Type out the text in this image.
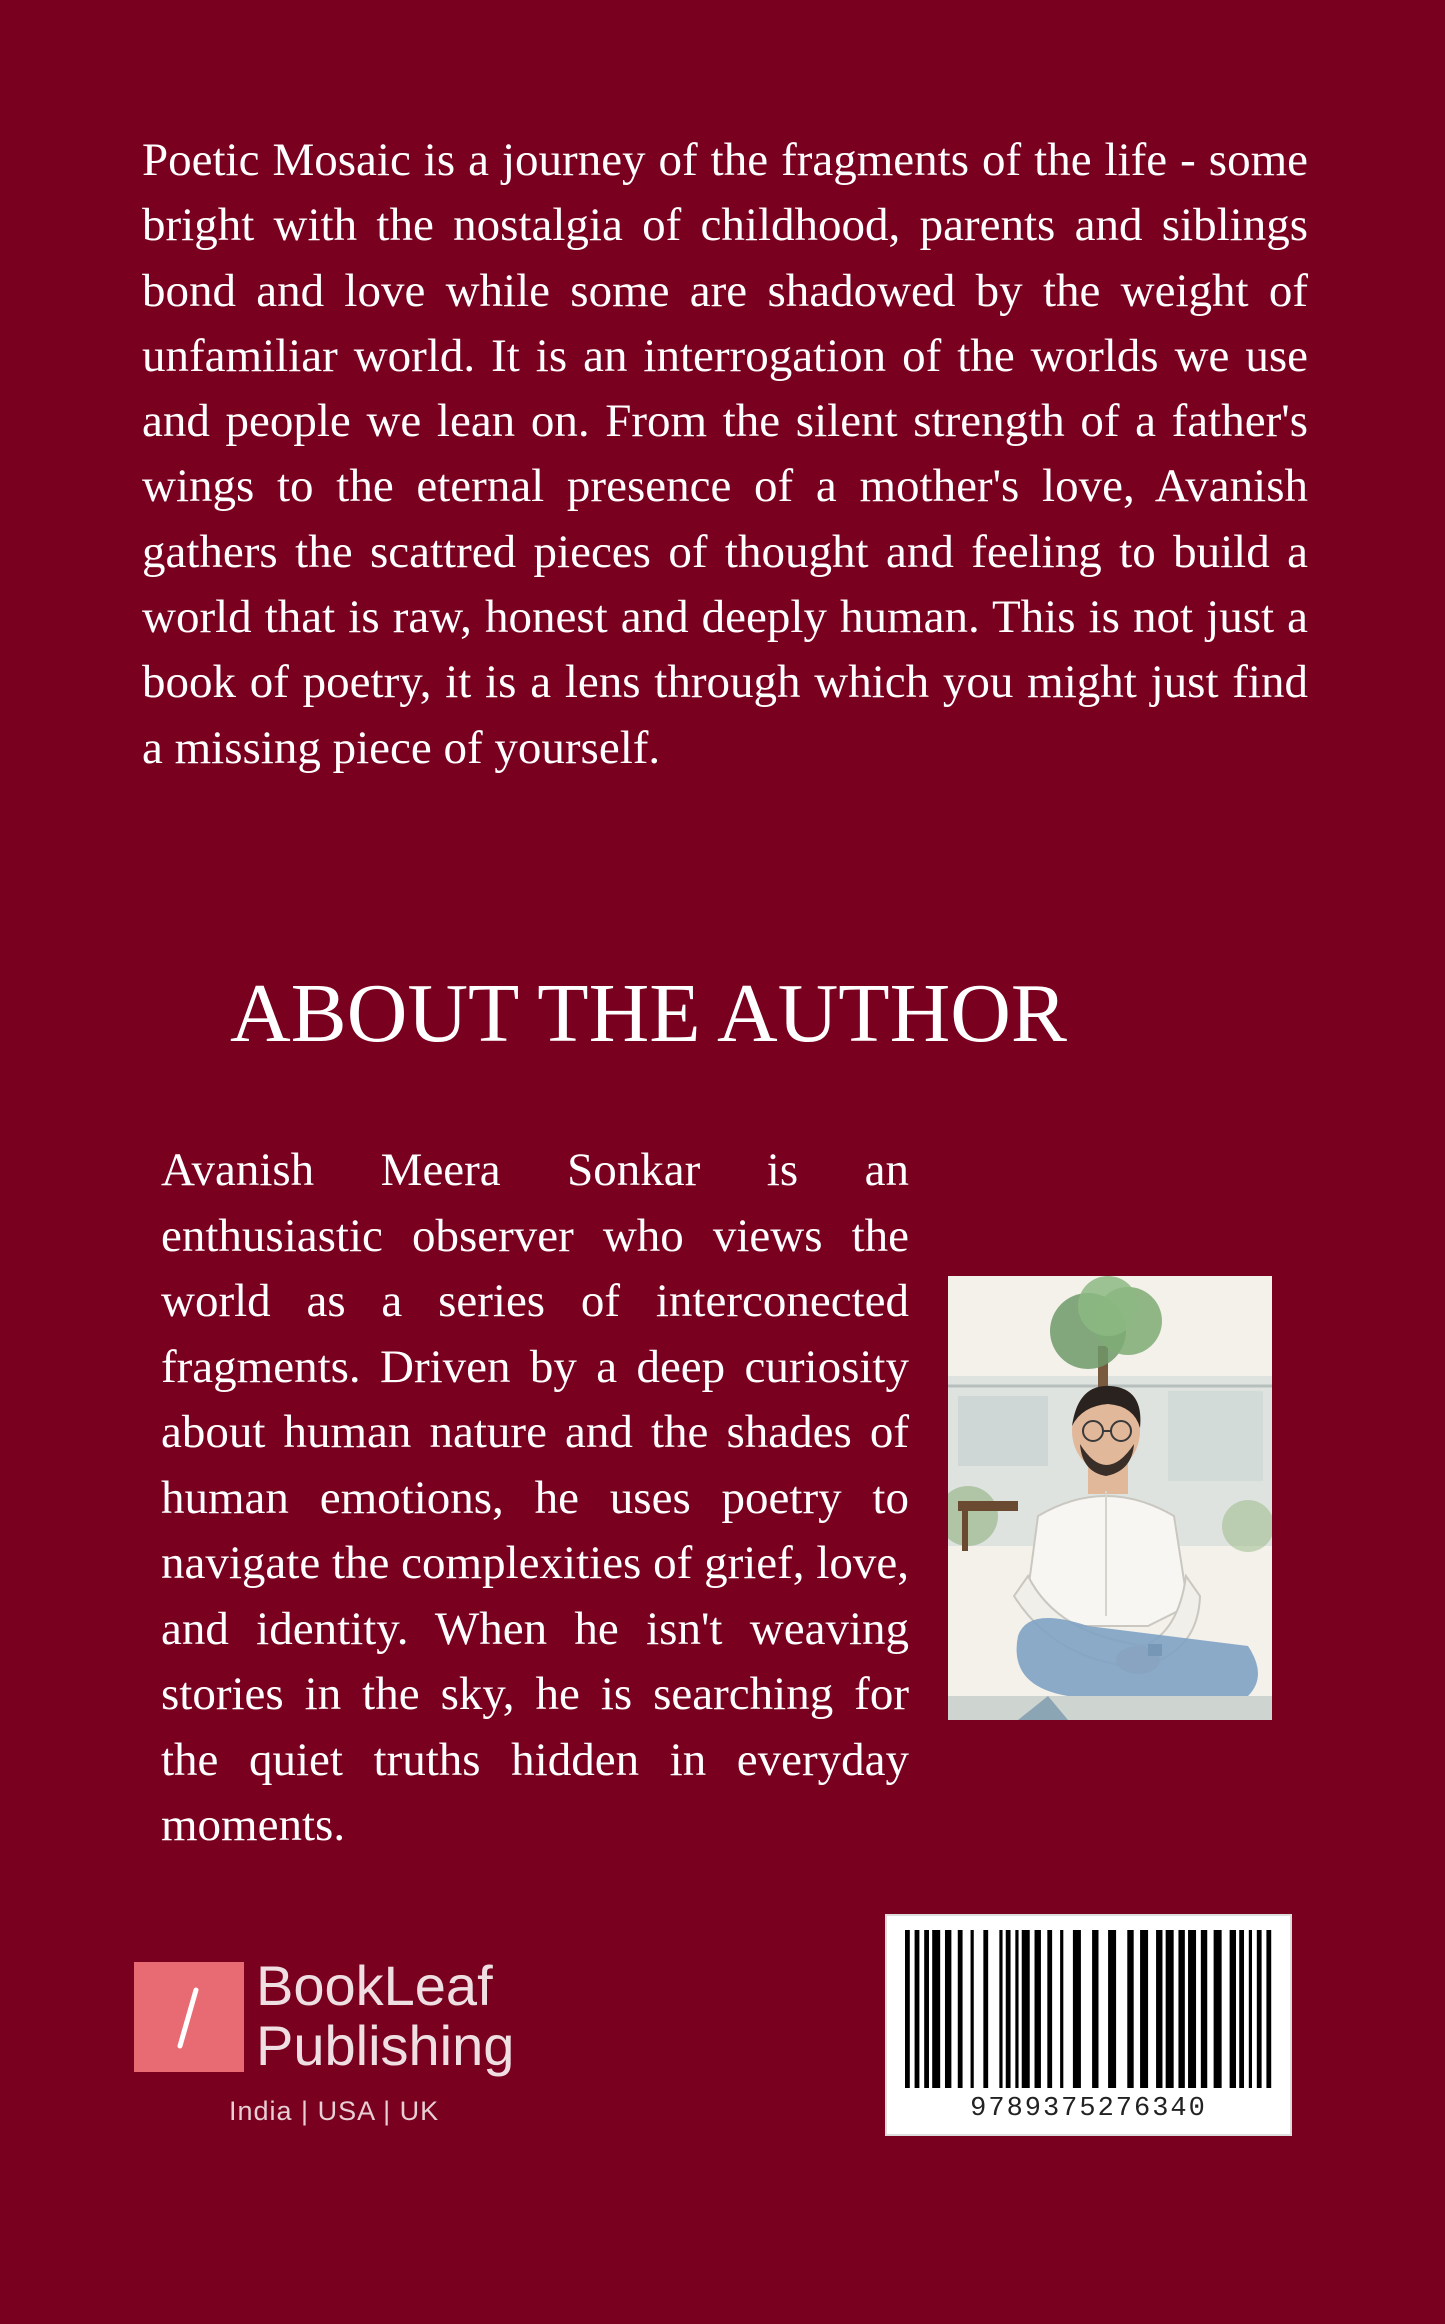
Poetic Mosaic is a journey of the fragments of the life - some bright with the nostalgia of childhood, parents and siblings bond and love while some are shadowed by the weight of unfamiliar world. It is an interrogation of the worlds we use and people we lean on. From the silent strength of a father's wings to the eternal presence of a mother's love, Avanish gathers the scattred pieces of thought and feeling to build a world that is raw, honest and deeply human. This is not just a book of poetry, it is a lens through which you might just find a missing piece of yourself.

ABOUT THE AUTHOR

Avanish Meera Sonkar is an enthusiastic observer who views the world as a series of interconected fragments. Driven by a deep curiosity about human nature and the shades of human emotions, he uses poetry to navigate the complexities of grief, love, and identity. When he isn't weaving stories in the sky, he is searching for the quiet truths hidden in everyday moments.

BookLeaf
Publishing
India | USA | UK	9789375276340
